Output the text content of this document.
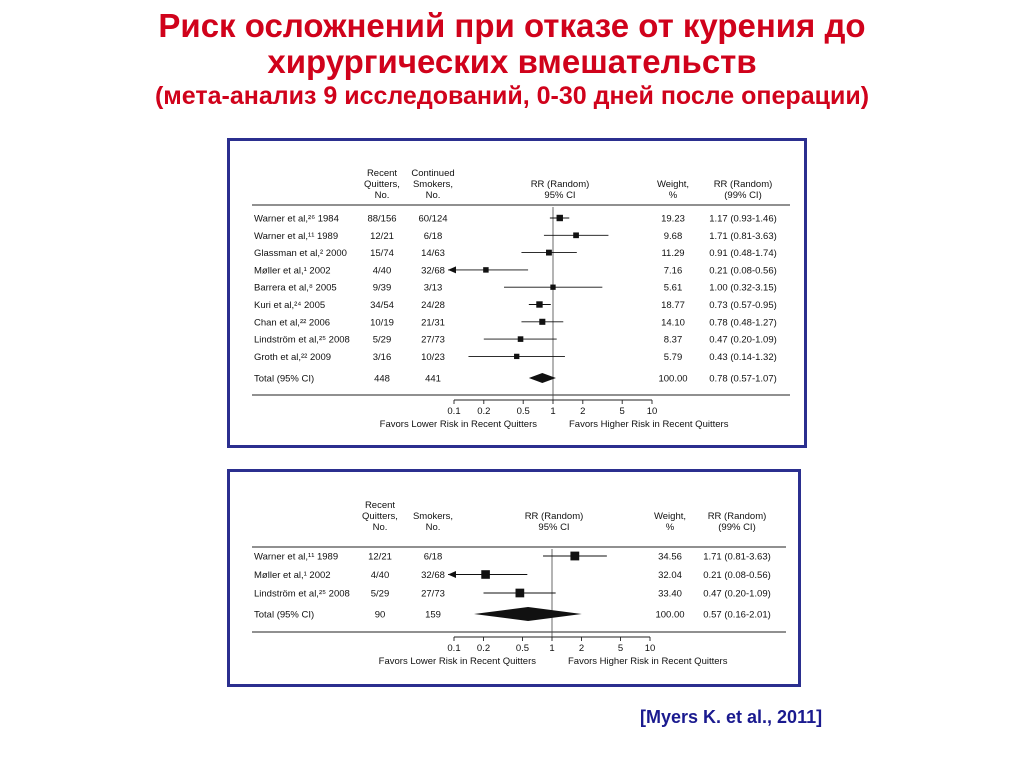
Риск осложнений при отказе от курения до
хирургических вмешательств
(мета-анализ 9 исследований, 0-30 дней после операции)
Recent
Quitters,
No.
Continued
Smokers,
No.
RR (Random)
95% CI
Weight,
%
RR (Random)
(99% CI)
Warner et al,²⁶ 1984	88/156 60/124	19.23	1.17 (0.93-1.46)
Warner et al,¹¹ 1989	12/21	6/18	9.68	1.71 (0.81-3.63)
Glassman et al,² 2000 15/74	14/63	11.29	0.91 (0.48-1.74)
Møller et al,¹ 2002	4/40	32/68	7.16	0.21 (0.08-0.56)
Barrera et al,⁸ 2005	9/39	3/13	5.61	1.00 (0.32-3.15)
Kuri et al,²⁴ 2005	34/54	24/28	18.77	0.73 (0.57-0.95)
Chan et al,²² 2006	10/19	21/31	14.10	0.78 (0.48-1.27)
Lindström et al,²⁵ 2008 5/29	27/73	8.37	0.47 (0.20-1.09)
Groth et al,²² 2009	3/16	10/23	5.79	0.43 (0.14-1.32)
Total (95% CI)	448	441	100.00 0.78 (0.57-1.07)
0.1 0.2	0.5 1	2	5 10
Favors Lower Risk in Recent Quitters	Favors Higher Risk in Recent Quitters
Recent
Quitters,
No.
Smokers,
No.
RR (Random)
95% CI
Weight,
%
RR (Random)
(99% CI)
Warner et al,¹¹ 1989	12/21	6/18	34.56 1.71 (0.81-3.63)
Møller et al,¹ 2002	4/40	32/68	32.04 0.21 (0.08-0.56)
Lindström et al,²⁵ 2008 5/29	27/73	33.40 0.47 (0.20-1.09)
Total (95% CI)	90	159	100.00 0.57 (0.16-2.01)
0.1 0.2	0.5 1	2	5 10
Favors Lower Risk in Recent Quitters	Favors Higher Risk in Recent Quitters
[Myers K. et al., 2011]
